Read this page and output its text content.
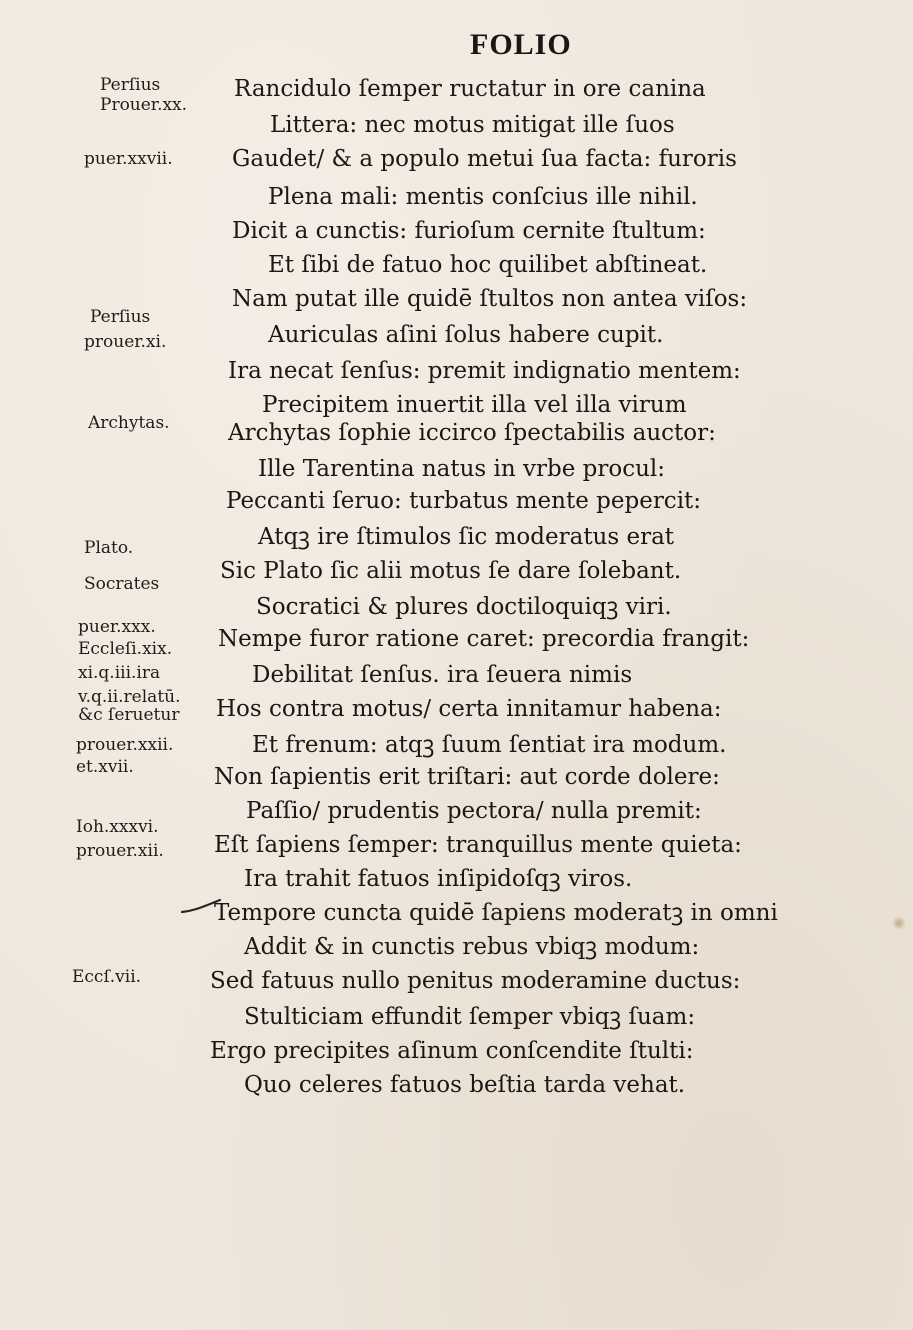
FOLIO
Perſius
Prouer.xx.
puer.xxvii.
Perſius
prouer.xi.
Archytas.
Plato.
Socrates
puer.xxx.
Eccleſi.xix.
xi.q.iii.ira
v.q.ii.relatū.
&c ſeruetur
prouer.xxii.
et.xvii.
Ioh.xxxvi.
prouer.xii.
Eccſ.vii.
Rancidulo ſemper ructatur in ore canina
Littera: nec motus mitigat ille ſuos
Gaudet/ & a populo metui ſua facta: furoris
Plena mali: mentis conſcius ille nihil.
Dicit a cunctis: furioſum cernite ſtultum:
Et ſibi de fatuo hoc quilibet abſtineat.
Nam putat ille quidē ſtultos non antea viſos:
Auriculas aſini ſolus habere cupit.
Ira necat ſenſus: premit indignatio mentem:
Precipitem inuertit illa vel illa virum
Archytas ſophie iccirco ſpectabilis auctor:
Ille Tarentina natus in vrbe procul:
Peccanti ſeruo: turbatus mente pepercit:
Atqꝫ ire ſtimulos ſic moderatus erat
Sic Plato ſic alii motus ſe dare ſolebant.
Socratici & plures doctiloquiqꝫ viri.
Nempe furor ratione caret: precordia frangit:
Debilitat ſenſus. ira ſeuera nimis
Hos contra motus/ certa innitamur habena:
Et frenum: atqꝫ ſuum ſentiat ira modum.
Non ſapientis erit triſtari: aut corde dolere:
Paſſio/ prudentis pectora/ nulla premit:
Eſt ſapiens ſemper: tranquillus mente quieta:
Ira trahit fatuos inſipidoſqꝫ viros.
Tempore cuncta quidē ſapiens moderatꝫ in omni
Addit & in cunctis rebus vbiqꝫ modum:
Sed fatuus nullo penitus moderamine ductus:
Stulticiam effundit ſemper vbiqꝫ ſuam:
Ergo precipites aſinum conſcendite ſtulti:
Quo celeres fatuos beſtia tarda vehat.
